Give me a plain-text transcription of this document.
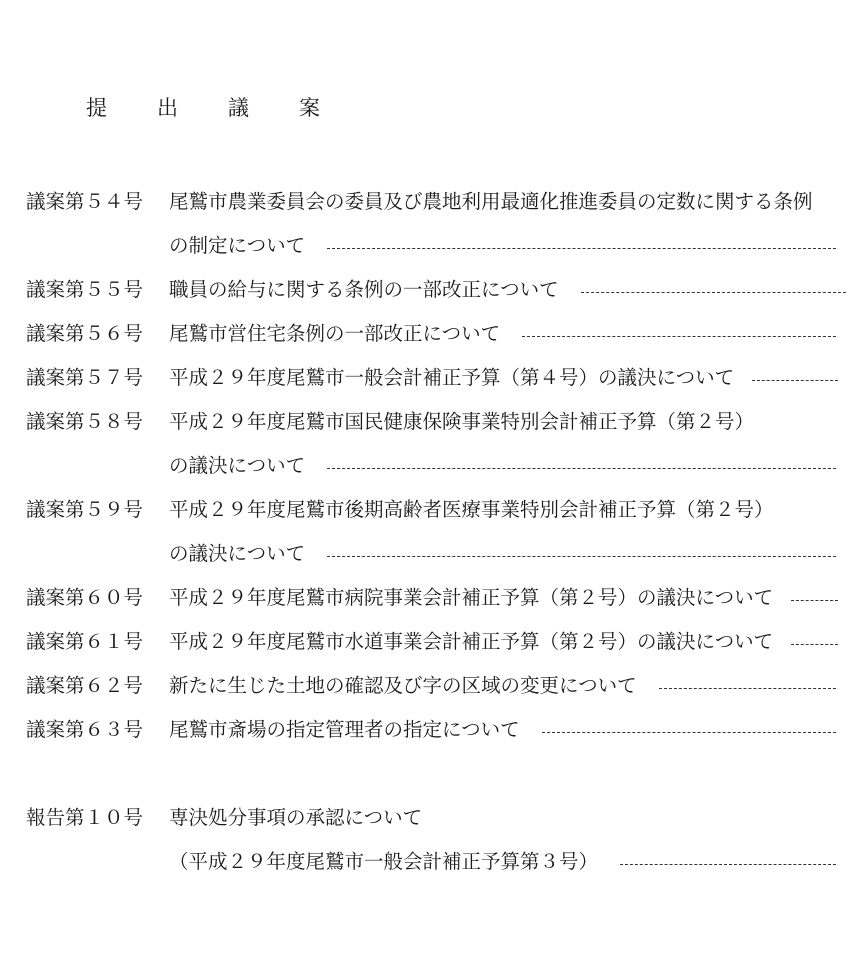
提出議案
議案第５４号	尾鷲市農業委員会の委員及び農地利用最適化推進委員の定数に関する条例
の制定について
議案第５５号	職員の給与に関する条例の一部改正について
議案第５６号	尾鷲市営住宅条例の一部改正について
議案第５７号	平成２９年度尾鷲市一般会計補正予算（第４号）の議決について
議案第５８号	平成２９年度尾鷲市国民健康保険事業特別会計補正予算（第２号）
の議決について
議案第５９号	平成２９年度尾鷲市後期高齢者医療事業特別会計補正予算（第２号）
の議決について
議案第６０号	平成２９年度尾鷲市病院事業会計補正予算（第２号）の議決について
議案第６１号	平成２９年度尾鷲市水道事業会計補正予算（第２号）の議決について
議案第６２号	新たに生じた土地の確認及び字の区域の変更について
議案第６３号	尾鷲市斎場の指定管理者の指定について
報告第１０号	専決処分事項の承認について
（平成２９年度尾鷲市一般会計補正予算第３号）
